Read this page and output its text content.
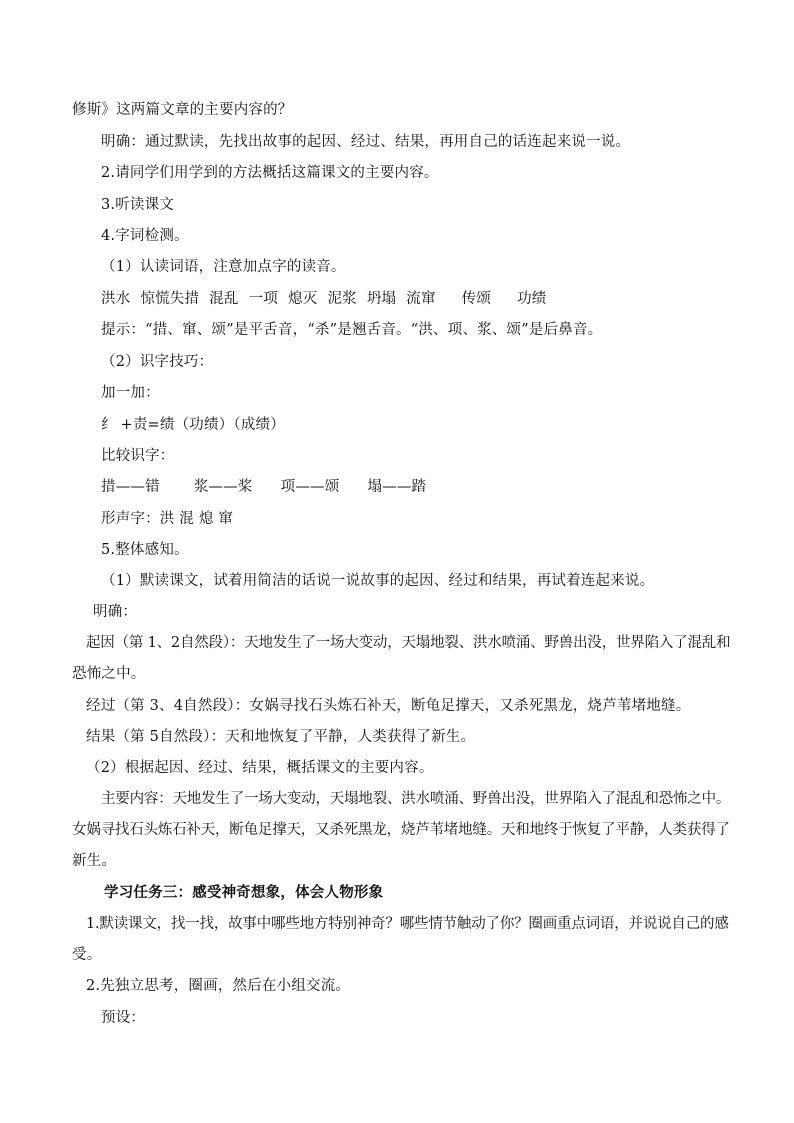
修斯》这两篇文章的主要内容的？
明确：通过默读，先找出故事的起因、经过、结果，再用自己的话连起来说一说。
2.请同学们用学到的方法概括这篇课文的主要内容。
3.听读课文
4.字词检测。
（1）认读词语，注意加点字的读音。
洪水 惊慌失措 混乱 一项 熄灭 泥浆 坍塌 流窜 传颂 功绩
提示：“措、窜、颂”是平舌音，“杀”是翘舌音。“洪、项、浆、颂”是后鼻音。
（2）识字技巧：
加一加：
纟 +责=绩（功绩）（成绩）
比较识字：
措——错 浆——桨 项——颂 塌——踏
形声字：洪 混 熄 窜
5.整体感知。
（1）默读课文，试着用简洁的话说一说故事的起因、经过和结果，再试着连起来说。
明确：
起因（第 1、2自然段）：天地发生了一场大变动，天塌地裂、洪水喷涌、野兽出没，世界陷入了混乱和
恐怖之中。
经过（第 3、4自然段）：女娲寻找石头炼石补天，断龟足撑天，又杀死黑龙，烧芦苇堵地缝。
结果（第 5自然段）：天和地恢复了平静，人类获得了新生。
（2）根据起因、经过、结果，概括课文的主要内容。
主要内容：天地发生了一场大变动，天塌地裂、洪水喷涌、野兽出没，世界陷入了混乱和恐怖之中。
女娲寻找石头炼石补天，断龟足撑天，又杀死黑龙，烧芦苇堵地缝。天和地终于恢复了平静，人类获得了
新生。
学习任务三：感受神奇想象，体会人物形象
1.默读课文，找一找，故事中哪些地方特别神奇？哪些情节触动了你？圈画重点词语，并说说自己的感
受。
2.先独立思考，圈画，然后在小组交流。
预设：
